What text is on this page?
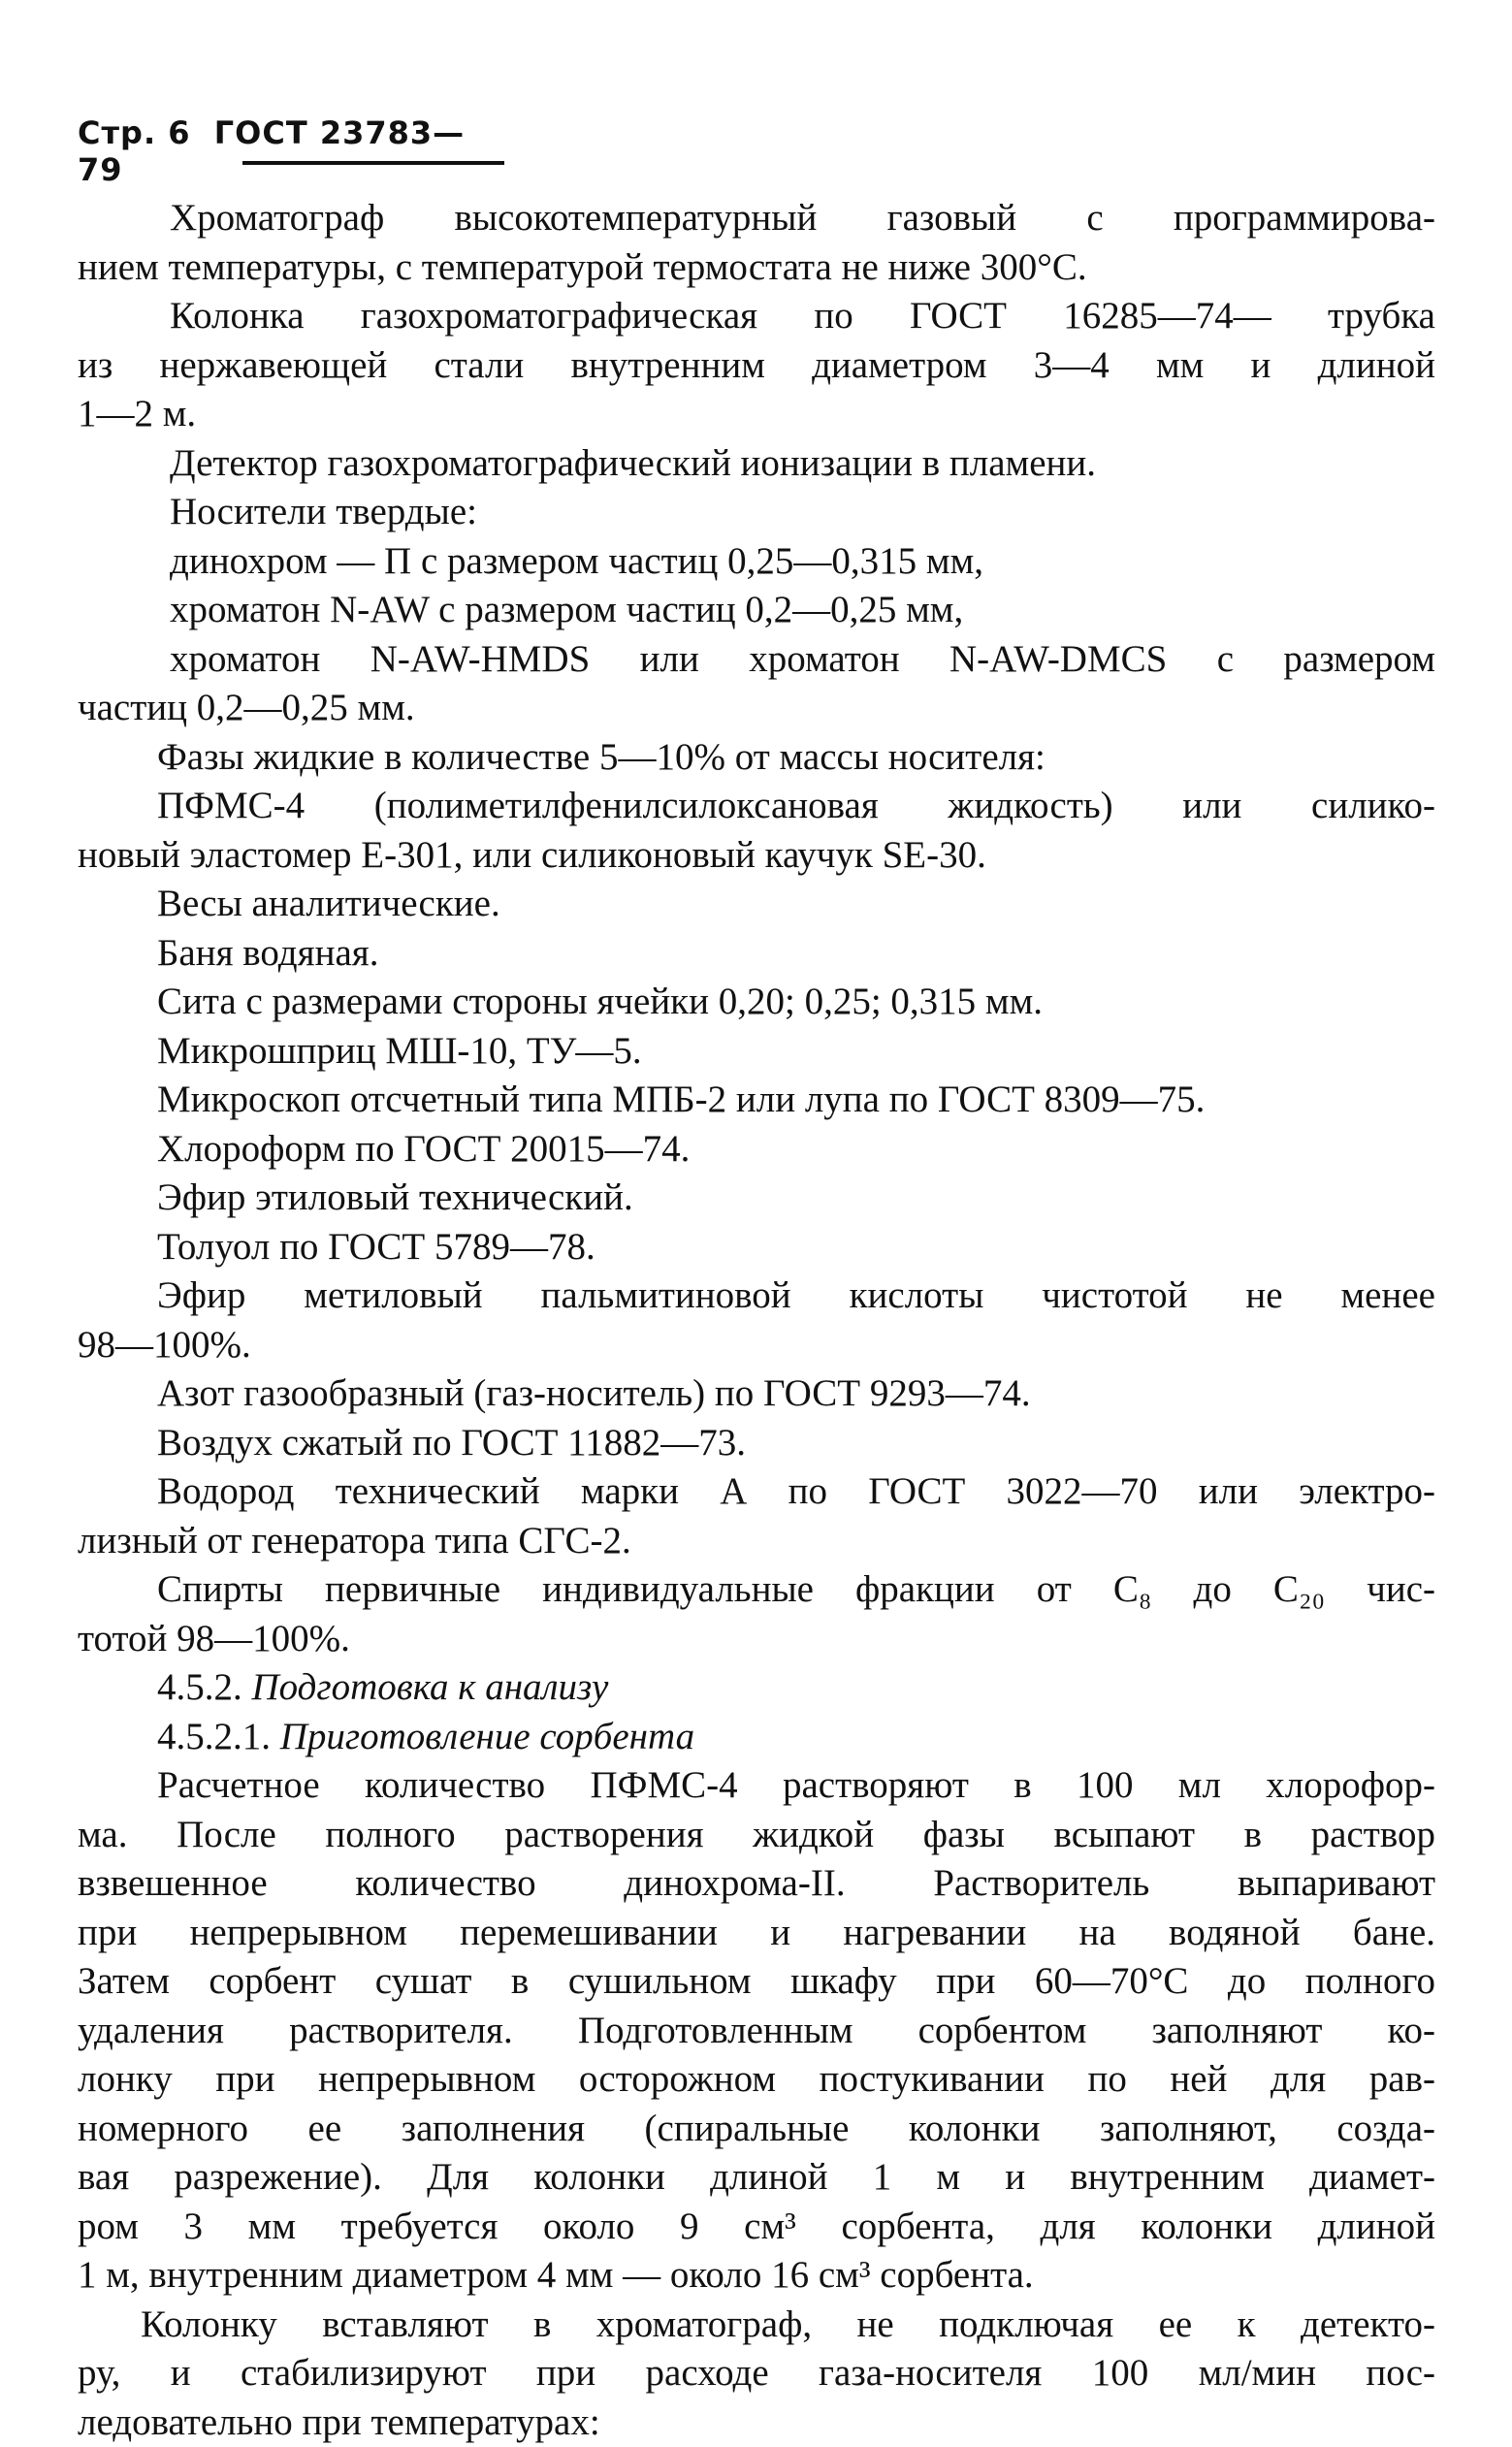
Стр. 6 ГОСТ 23783—79
Хроматограф высокотемпературный газовый с программирова-
нием температуры, с температурой термостата не ниже 300°С.
Колонка газохроматографическая по ГОСТ 16285—74— трубка
из нержавеющей стали внутренним диаметром 3—4 мм и длиной
1—2 м.
Детектор газохроматографический ионизации в пламени.
Носители твердые:
динохром — П с размером частиц 0,25—0,315 мм,
хроматон N-AW с размером частиц 0,2—0,25 мм,
хроматон N-AW-HMDS или хроматон N-AW-DMCS с размером
частиц 0,2—0,25 мм.
Фазы жидкие в количестве 5—10% от массы носителя:
ПФМС-4 (полиметилфенилсилоксановая жидкость) или силико-
новый эластомер Е-301, или силиконовый каучук SE-30.
Весы аналитические.
Баня водяная.
Сита с размерами стороны ячейки 0,20; 0,25; 0,315 мм.
Микрошприц МШ-10, ТУ—5.
Микроскоп отсчетный типа МПБ-2 или лупа по ГОСТ 8309—75.
Хлороформ по ГОСТ 20015—74.
Эфир этиловый технический.
Толуол по ГОСТ 5789—78.
Эфир метиловый пальмитиновой кислоты чистотой не менее
98—100%.
Азот газообразный (газ-носитель) по ГОСТ 9293—74.
Воздух сжатый по ГОСТ 11882—73.
Водород технический марки А по ГОСТ 3022—70 или электро-
лизный от генератора типа СГС-2.
Спирты первичные индивидуальные фракции от C₈ до C₂₀ чис-
тотой 98—100%.
4.5.2. Подготовка к анализу
4.5.2.1. Приготовление сорбента
Расчетное количество ПФМС-4 растворяют в 100 мл хлорофор-
ма. После полного растворения жидкой фазы всыпают в раствор
взвешенное количество динохрома-II. Растворитель выпаривают
при непрерывном перемешивании и нагревании на водяной бане.
Затем сорбент сушат в сушильном шкафу при 60—70°С до полного
удаления растворителя. Подготовленным сорбентом заполняют ко-
лонку при непрерывном осторожном постукивании по ней для рав-
номерного ее заполнения (спиральные колонки заполняют, созда-
вая разрежение). Для колонки длиной 1 м и внутренним диамет-
ром 3 мм требуется около 9 см³ сорбента, для колонки длиной
1 м, внутренним диаметром 4 мм — около 16 см³ сорбента.
Колонку вставляют в хроматограф, не подключая ее к детекто-
ру, и стабилизируют при расходе газа-носителя 100 мл/мин пос-
ледовательно при температурах:
